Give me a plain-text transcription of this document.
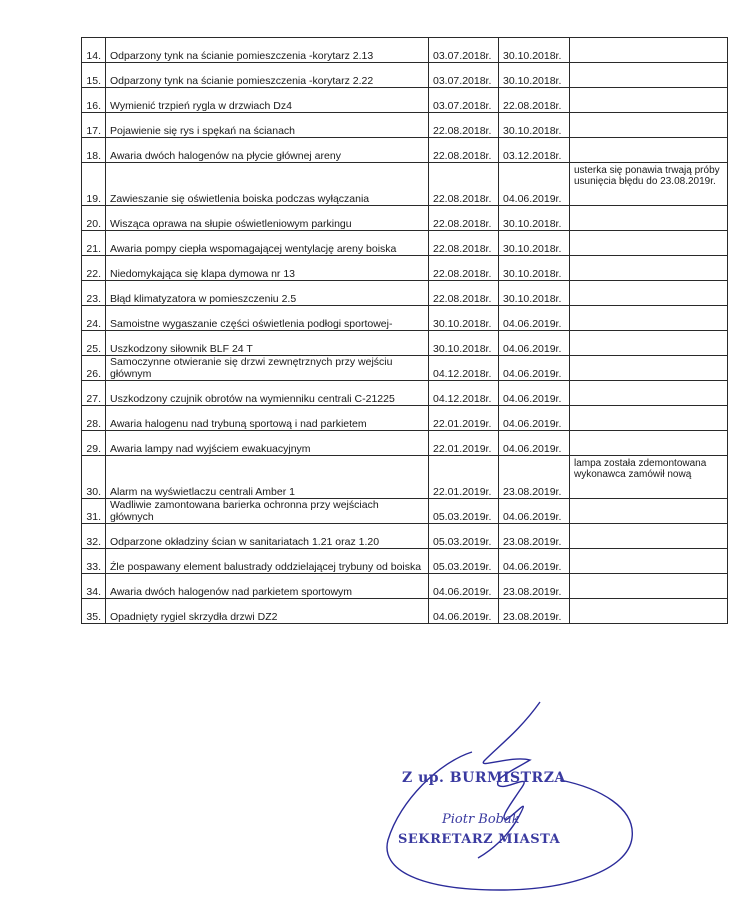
14.	Odparzony tynk na ścianie pomieszczenia -korytarz 2.13	03.07.2018r.	30.10.2018r.	
15.	Odparzony tynk na ścianie pomieszczenia -korytarz 2.22	03.07.2018r.	30.10.2018r.	
16.	Wymienić trzpień rygla w drzwiach Dz4	03.07.2018r.	22.08.2018r.	
17.	Pojawienie się rys i spękań na ścianach	22.08.2018r.	30.10.2018r.	
18.	Awaria dwóch halogenów na płycie głównej areny	22.08.2018r.	03.12.2018r.	
19.	Zawieszanie się oświetlenia boiska podczas wyłączania	22.08.2018r.	04.06.2019r.	usterka się ponawia trwają próby usunięcia błędu do 23.08.2019r.
20.	Wisząca oprawa na słupie oświetleniowym parkingu	22.08.2018r.	30.10.2018r.	
21.	Awaria pompy ciepła wspomagającej wentylację areny boiska	22.08.2018r.	30.10.2018r.	
22.	Niedomykająca się klapa dymowa nr 13	22.08.2018r.	30.10.2018r.	
23.	Błąd klimatyzatora w pomieszczeniu 2.5	22.08.2018r.	30.10.2018r.	
24.	Samoistne wygaszanie części oświetlenia podłogi sportowej-	30.10.2018r.	04.06.2019r.	
25.	Uszkodzony siłownik BLF 24 T	30.10.2018r.	04.06.2019r.	
26.	Samoczynne otwieranie się drzwi zewnętrznych przy wejściu głównym	04.12.2018r.	04.06.2019r.	
27.	Uszkodzony czujnik obrotów na wymienniku centrali C-21225	04.12.2018r.	04.06.2019r.	
28.	Awaria halogenu nad trybuną sportową i nad parkietem	22.01.2019r.	04.06.2019r.	
29.	Awaria lampy nad wyjściem ewakuacyjnym	22.01.2019r.	04.06.2019r.	
30.	Alarm na wyświetlaczu centrali Amber 1	22.01.2019r.	23.08.2019r.	lampa została zdemontowana wykonawca zamówił nową
31.	Wadliwie zamontowana barierka ochronna przy wejściach głównych	05.03.2019r.	04.06.2019r.	
32.	Odparzone okładziny ścian w sanitariatach 1.21 oraz 1.20	05.03.2019r.	23.08.2019r.	
33.	Źle pospawany element balustrady oddzielającej trybuny od boiska	05.03.2019r.	04.06.2019r.	
34.	Awaria dwóch halogenów nad parkietem sportowym	04.06.2019r.	23.08.2019r.	
35.	Opadnięty rygiel skrzydła drzwi DZ2	04.06.2019r.	23.08.2019r.	
Z up. BURMISTRZA
Piotr Bobak
SEKRETARZ MIASTA
